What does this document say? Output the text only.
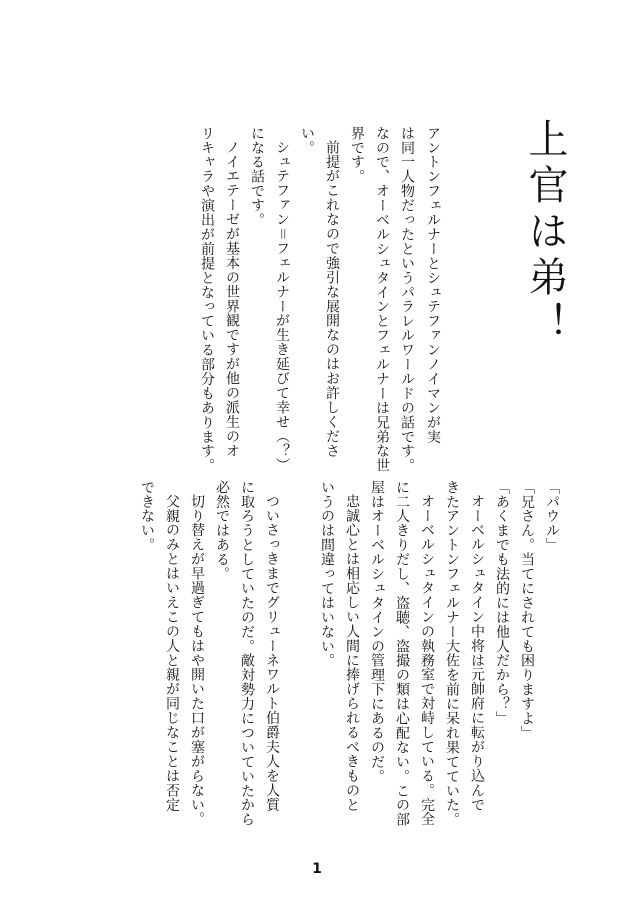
上官は弟！
アントンフェルナーとシュテファンノイマンが実
は同一人物だったというパラレルワールドの話です。
なので、オーベルシュタインとフェルナーは兄弟な世
界です。
前提がこれなので強引な展開なのはお許しくださ
い。
シュテファン＝フェルナーが生き延びて幸せ（？）
になる話です。
ノイエテーゼが基本の世界観ですが他の派生のオ
リキャラや演出が前提となっている部分もあります。
「パウル」
「兄さん。当てにされても困りますよ」
「あくまでも法的には他人だから？」
オーベルシュタイン中将は元帥府に転がり込んで
きたアントンフェルナー大佐を前に呆れ果てていた。
オーベルシュタインの執務室で対峙している。完全
に二人きりだし、盗聴、盗撮の類は心配ない。この部
屋はオーベルシュタインの管理下にあるのだ。
忠誠心とは相応しい人間に捧げられるべきものと
いうのは間違ってはいない。
ついさっきまでグリューネワルト伯爵夫人を人質
に取ろうとしていたのだ。敵対勢力についていたから
必然ではある。
切り替えが早過ぎてもはや開いた口が塞がらない。
父親のみとはいえこの人と親が同じなことは否定
できない。
1
